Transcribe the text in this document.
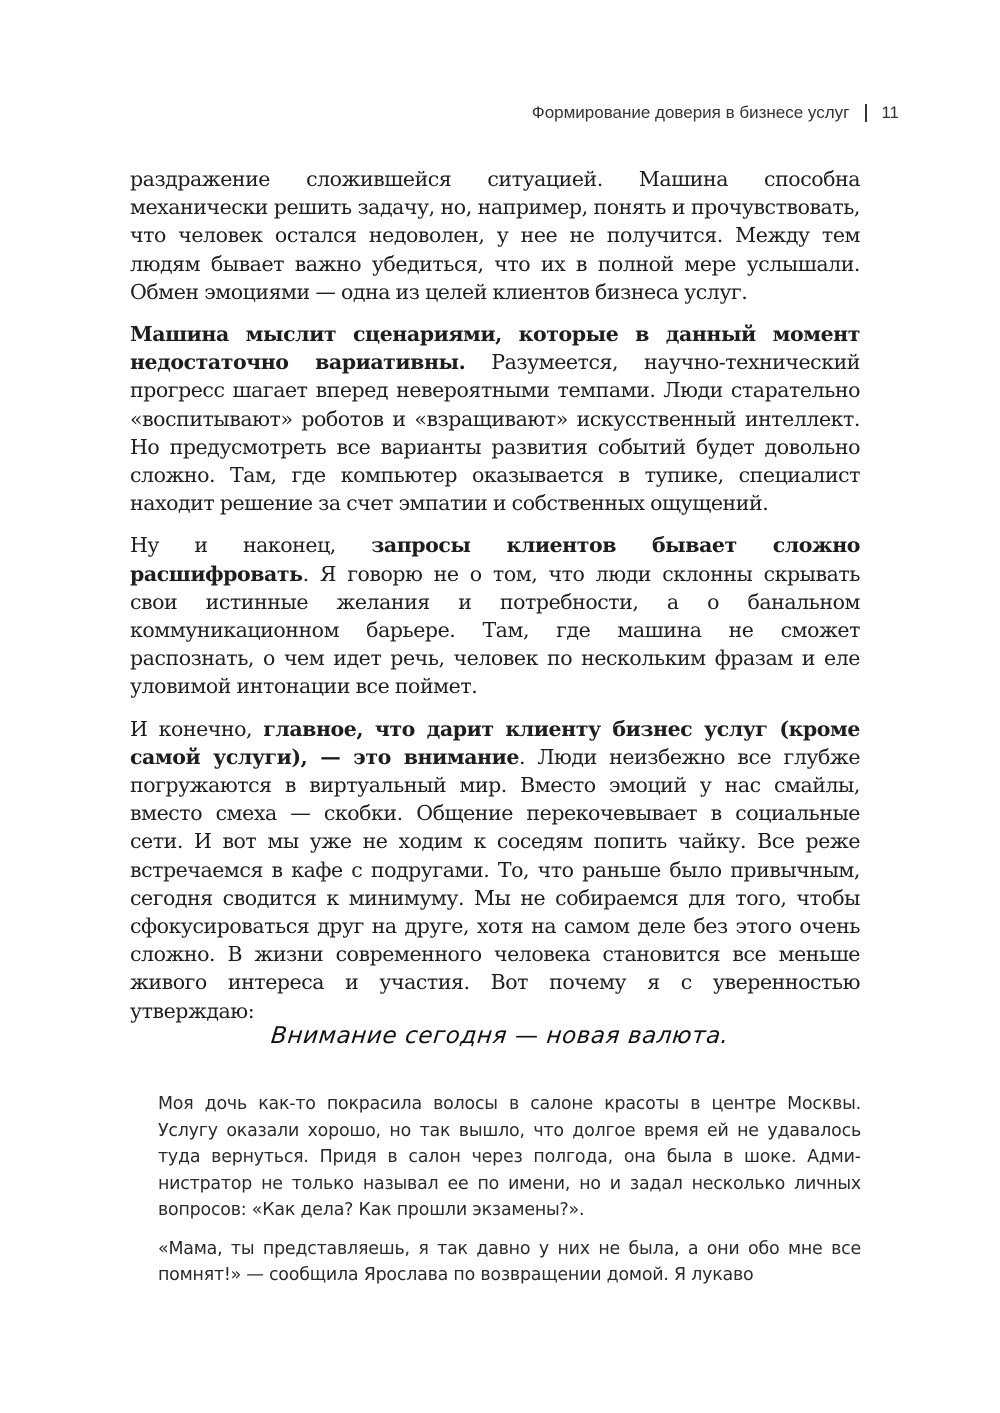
Формирование доверия в бизнесе услуг 11

раздражение сложившейся ситуацией. Машина способна механически решить задачу, но, например, понять и прочувствовать, что человек остался недоволен, у нее не получится. Между тем людям бывает важно убедиться, что их в полной мере услышали. Обмен эмоциями — одна из целей клиентов бизнеса услуг.

Машина мыслит сценариями, которые в данный момент недостаточно вариативны. Разумеется, научно-технический прогресс шагает вперед невероятными темпами. Люди старательно «воспитывают» роботов и «взращивают» искусственный интеллект. Но предусмотреть все варианты развития событий будет довольно сложно. Там, где компьютер оказывается в тупике, специалист находит решение за счет эмпатии и собственных ощущений.

Ну и наконец, запросы клиентов бывает сложно расшифровать. Я говорю не о том, что люди склонны скрывать свои истинные желания и потребности, а о банальном коммуникационном барьере. Там, где машина не сможет распознать, о чем идет речь, человек по нескольким фразам и еле уловимой интонации все поймет.

И конечно, главное, что дарит клиенту бизнес услуг (кроме самой услуги), — это внимание. Люди неизбежно все глубже погружаются в виртуальный мир. Вместо эмоций у нас смайлы, вместо смеха — скобки. Общение перекочевывает в социальные сети. И вот мы уже не ходим к соседям попить чайку. Все реже встречаемся в кафе с подругами. То, что раньше было привычным, сегодня сводится к минимуму. Мы не собираемся для того, чтобы сфокусироваться друг на друге, хотя на самом деле без этого очень сложно. В жизни современного человека становится все меньше живого интереса и участия. Вот почему я с уверенностью утверждаю:

Внимание сегодня — новая валюта.

Моя дочь как-то покрасила волосы в салоне красоты в центре Москвы. Услугу оказали хорошо, но так вышло, что долгое время ей не удавалось туда вернуться. Придя в салон через полгода, она была в шоке. Администратор не только называл ее по имени, но и задал несколько личных вопросов: «Как дела? Как прошли экзамены?».

«Мама, ты представляешь, я так давно у них не была, а они обо мне все помнят!» — сообщила Ярослава по возвращении домой. Я лукаво
